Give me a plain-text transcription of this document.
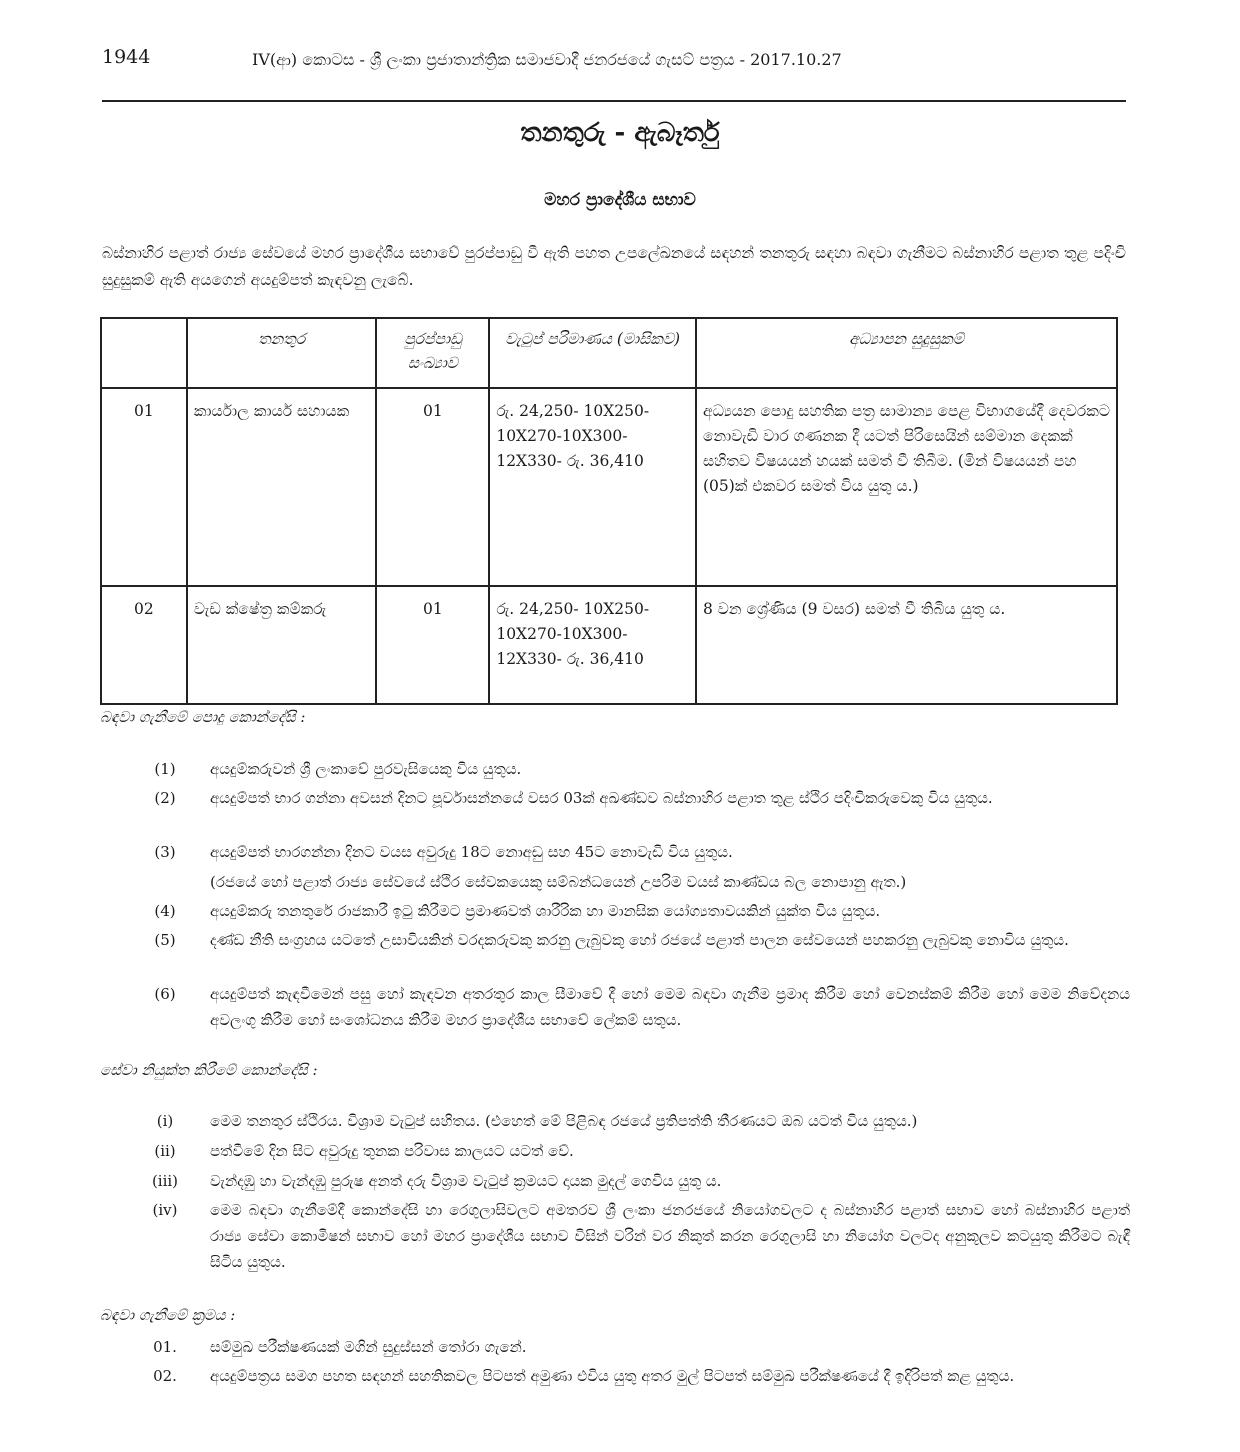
1944	IV(ආ) කොටස - ශ්‍රී ලංකා ප්‍රජාතාන්ත්‍රික සමාජවාදී ජනරජයේ ගැසට් පත්‍රය - 2017.10.27
තනතුරු - ඇබෑර්තු
මහර ප්‍රාදේශීය සභාව
බස්නාහිර පළාත් රාජ්‍ය සේවයේ මහර ප්‍රාදේශීය සභාවේ පුරප්පාඩු වී ඇති පහත උපලේඛනයේ සඳහන් තනතුරු සඳහා බඳවා ගැනීමට බස්නාහිර පළාත තුළ පදිංචි සුදුසුකම් ඇති අයගෙන් අයදුම්පත් කැඳවනු ලැබේ.
	තනතුර	පුරප්පාඩු සංඛ්‍යාව	වැටුප් පරිමාණය (මාසිකව)	අධ්‍යාපන සුදුසුකම්
01	කාර්යාල කාර්ය සහායක	01	රු. 24,250- 10X250- 10X270-10X300-12X330- රු. 36,410	අධ්‍යයන පොදු සහතික පත්‍ර සාමාන්‍ය පෙළ විභාගයේදී දෙවරකට නොවැඩි වාර ගණනක දී යටත් පිරිසෙයින් සම්මාන දෙකක් සහිතව විෂයයන් හයක් සමත් වී තිබීම. (මින් විෂයයන් පහ (05)ක් එකවර සමත් විය යුතු ය.)
02	වැඩ ක්ෂේත්‍ර කම්කරු	01	රු. 24,250- 10X250- 10X270-10X300-12X330- රු. 36,410	8 වන ශ්‍රේණිය (9 වසර) සමත් වී තිබිය යුතු ය.
බඳවා ගැනීමේ පොදු කොන්දේසි :
(1)	අයදුම්කරුවන් ශ්‍රී ලංකාවේ පුරවැසියෙකු විය යුතුය.
(2)	අයදුම්පත් භාර ගන්නා අවසන් දිනට පූර්වාසන්නයේ වසර 03ක් අඛණ්ඩව බස්නාහිර පළාත තුළ ස්ථිර පදිංචිකරුවෙකු විය යුතුය.
(3)	අයදුම්පත් භාරගන්නා දිනට වයස අවුරුදු 18ට නොඅඩු සහ 45ට නොවැඩි විය යුතුය.
(රජයේ හෝ පළාත් රාජ්‍ය සේවයේ ස්ථිර සේවකයෙකු සම්බන්ධයෙන් උපරිම වයස් කාණ්ඩය බල නොපානු ඇත.)
(4)	අයදුම්කරු තනතුරේ රාජකාරී ඉටු කිරීමට ප්‍රමාණවත් ශාරීරික හා මානසික යෝග්‍යතාවයකින් යුක්ත විය යුතුය.
(5)	දණ්ඩ නීති සංග්‍රහය යටතේ උසාවියකින් වරදකරුවකු කරනු ලැබුවකු හෝ රජයේ පළාත් පාලන සේවයෙන් පහකරනු ලැබුවකු නොවිය යුතුය.
(6)	අයදුම්පත් කැඳවීමෙන් පසු හෝ කැඳවන අතරතුර කාල සීමාවේ දී හෝ මෙම බඳවා ගැනීම ප්‍රමාද කිරීම හෝ වෙනස්කම් කිරීම හෝ මෙම නිවේදනය අවලංගු කිරීම හෝ සංශෝධනය කිරීම මහර ප්‍රාදේශීය සභාවේ ලේකම් සතුය.
සේවා නියුක්ත කිරීමේ කොන්දේසි :
(i)	මෙම තනතුර ස්ථිරය. විශ්‍රාම වැටුප් සහිතය. (එහෙත් මේ පිළිබඳ රජයේ ප්‍රතිපත්ති තීරණයට ඔබ යටත් විය යුතුය.)
(ii)	පත්වීමේ දින සිට අවුරුදු තුනක පරිවාස කාලයට යටත් වේ.
(iii)	වැන්දඹු හා වැන්දඹු පුරුෂ අනත් දරු විශ්‍රාම වැටුප් ක්‍රමයට දායක මුදල් ගෙවිය යුතු ය.
(iv)	මෙම බඳවා ගැනීමේදී කොන්දේසි හා රෙගුලාසිවලට අමතරව ශ්‍රී ලංකා ජනරජයේ නියෝගවලට ද බස්නාහිර පළාත් සභාව හෝ බස්නාහිර පළාත් රාජ්‍ය සේවා කොමිෂන් සභාව හෝ මහර ප්‍රාදේශීය සභාව විසින් වරින් වර නිකුත් කරන රෙගුලාසි හා නියෝග වලටද අනුකූලව කටයුතු කිරීමට බැඳී සිටිය යුතුය.
බඳවා ගැනීමේ ක්‍රමය :
01.	සම්මුඛ පරීක්ෂණයක් මගින් සුදුස්සන් තෝරා ගැනේ.
02.	අයදුම්පත්‍රය සමග පහත සඳහන් සහතිකවල පිටපත් අමුණා එවිය යුතු අතර මුල් පිටපත් සම්මුඛ පරීක්ෂණයේ දී ඉදිරිපත් කළ යුතුය.
